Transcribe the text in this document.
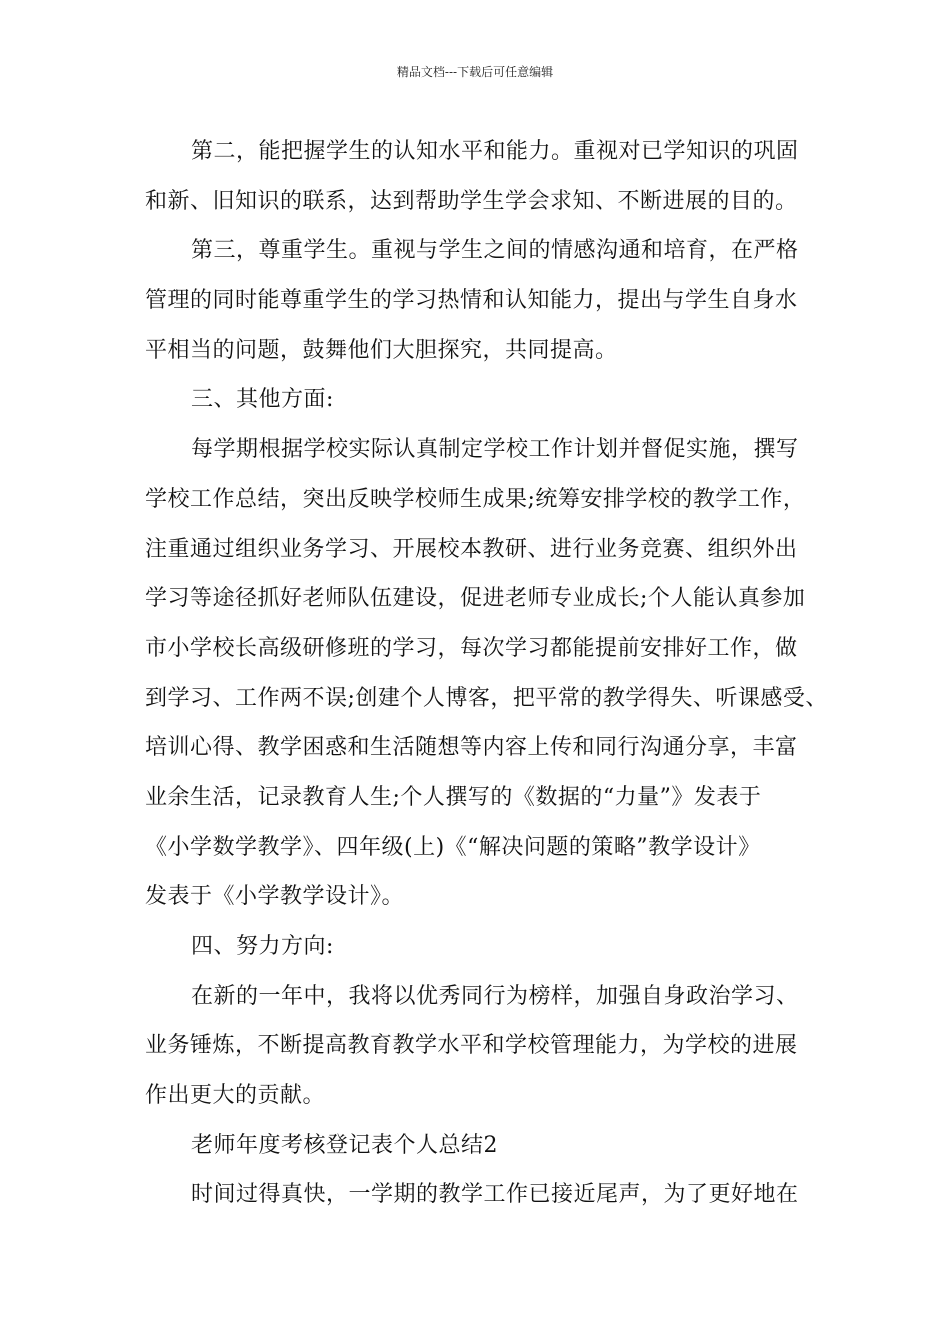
精品文档---下载后可任意编辑
第二，能把握学生的认知水平和能力。重视对已学知识的巩固
和新、旧知识的联系，达到帮助学生学会求知、不断进展的目的。
第三，尊重学生。重视与学生之间的情感沟通和培育，在严格
管理的同时能尊重学生的学习热情和认知能力，提出与学生自身水
平相当的问题，鼓舞他们大胆探究，共同提高。
三、其他方面:
每学期根据学校实际认真制定学校工作计划并督促实施，撰写
学校工作总结，突出反映学校师生成果;统筹安排学校的教学工作，
注重通过组织业务学习、开展校本教研、进行业务竞赛、组织外出
学习等途径抓好老师队伍建设，促进老师专业成长;个人能认真参加
市小学校长高级研修班的学习，每次学习都能提前安排好工作，做
到学习、工作两不误;创建个人博客，把平常的教学得失、听课感受、
培训心得、教学困惑和生活随想等内容上传和同行沟通分享，丰富
业余生活，记录教育人生;个人撰写的《数据的“力量”》发表于
《小学数学教学》、四年级(上)《“解决问题的策略”教学设计》
发表于《小学教学设计》。
四、努力方向:
在新的一年中，我将以优秀同行为榜样，加强自身政治学习、
业务锤炼，不断提高教育教学水平和学校管理能力，为学校的进展
作出更大的贡献。
老师年度考核登记表个人总结2
时间过得真快，一学期的教学工作已接近尾声，为了更好地在
